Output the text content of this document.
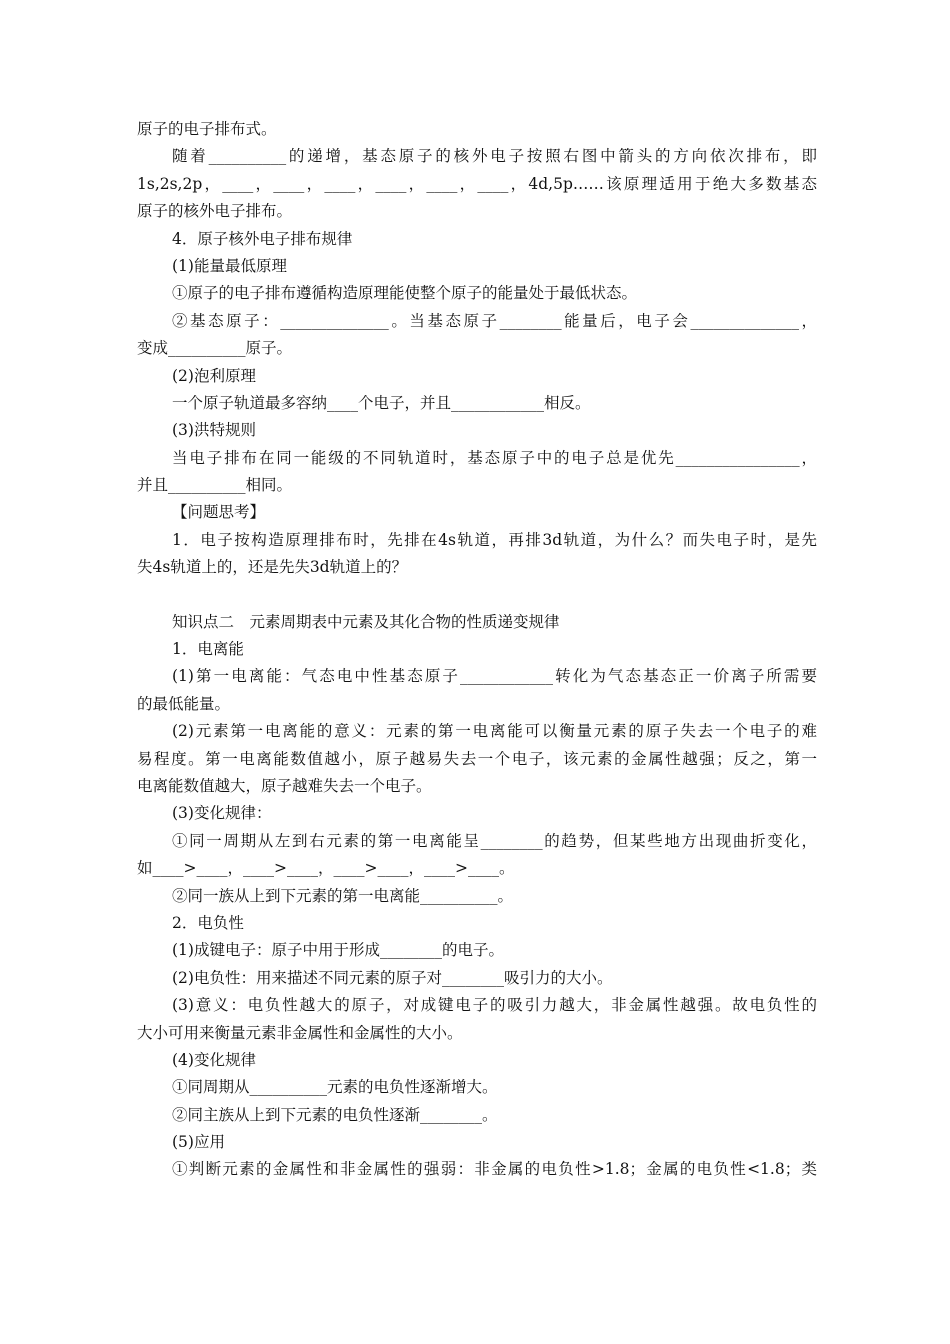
原子的电子排布式。
随着__________的递增，基态原子的核外电子按照右图中箭头的方向依次排布，即
1s,2s,2p，____，____，____，____，____，____，4d,5p……该原理适用于绝大多数基态
原子的核外电子排布。
4．原子核外电子排布规律
(1)能量最低原理
①原子的电子排布遵循构造原理能使整个原子的能量处于最低状态。
②基态原子：______________。当基态原子________能量后，电子会______________，
变成__________原子。
(2)泡利原理
一个原子轨道最多容纳____个电子，并且____________相反。
(3)洪特规则
当电子排布在同一能级的不同轨道时，基态原子中的电子总是优先________________，
并且__________相同。
【问题思考】
1．电子按构造原理排布时，先排在4s轨道，再排3d轨道，为什么？而失电子时，是先
失4s轨道上的，还是先失3d轨道上的？
知识点二　元素周期表中元素及其化合物的性质递变规律
1．电离能
(1)第一电离能：气态电中性基态原子____________转化为气态基态正一价离子所需要
的最低能量。
(2)元素第一电离能的意义：元素的第一电离能可以衡量元素的原子失去一个电子的难
易程度。第一电离能数值越小，原子越易失去一个电子，该元素的金属性越强；反之，第一
电离能数值越大，原子越难失去一个电子。
(3)变化规律：
①同一周期从左到右元素的第一电离能呈________的趋势，但某些地方出现曲折变化，
如____>____，____>____，____>____，____>____。
②同一族从上到下元素的第一电离能__________。
2．电负性
(1)成键电子：原子中用于形成________的电子。
(2)电负性：用来描述不同元素的原子对________吸引力的大小。
(3)意义：电负性越大的原子，对成键电子的吸引力越大，非金属性越强。故电负性的
大小可用来衡量元素非金属性和金属性的大小。
(4)变化规律
①同周期从__________元素的电负性逐渐增大。
②同主族从上到下元素的电负性逐渐________。
(5)应用
①判断元素的金属性和非金属性的强弱：非金属的电负性>1.8；金属的电负性<1.8；类
